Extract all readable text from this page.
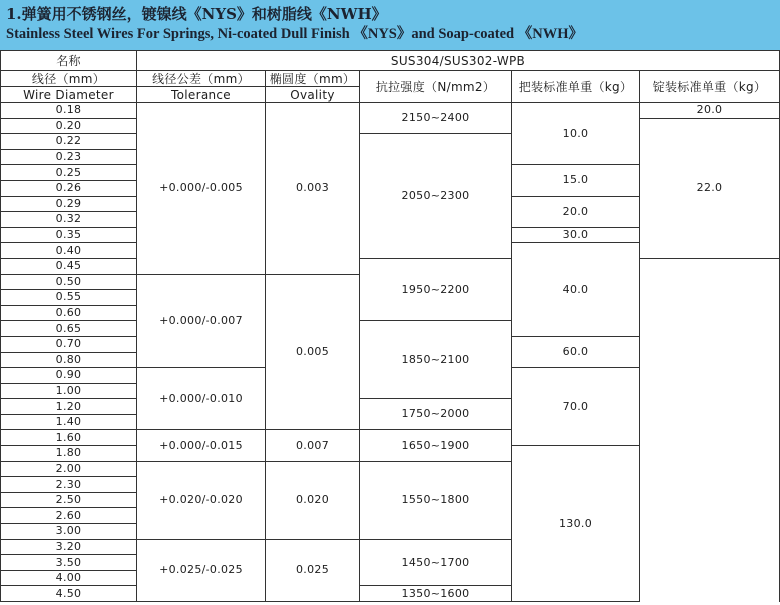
1.弹簧用不锈钢丝，镀镍线《NYS》和树脂线《NWH》
Stainless Steel Wires For Springs, Ni-coated Dull Finish 《NYS》and Soap-coated 《NWH》
名称	SUS304/SUS302-WPB				
线径（mm）	线径公差（mm）	椭圆度（mm）	抗拉强度（N/mm2）	把装标准单重（kg）	锭装标准单重（kg）
Wire Diameter	Tolerance	Ovality			
0.18	+0.000/-0.005	0.003	2150~2400	10.0	20.0
0.20					22.0
0.22			2050~2300		
0.23					
0.25				15.0	
0.26					
0.29				20.0	
0.32					
0.35				30.0	
0.40				40.0	
0.45			1950~2200		
0.50	+0.000/-0.007	0.005			
0.55					
0.60					
0.65			1850~2100		
0.70				60.0	
0.80					
0.90	+0.000/-0.010			70.0	
1.00					
1.20			1750~2000		
1.40					
1.60	+0.000/-0.015	0.007	1650~1900		
1.80				130.0	
2.00	+0.020/-0.020	0.020	1550~1800		
2.30					
2.50					
2.60					
3.00					
3.20	+0.025/-0.025	0.025	1450~1700		
3.50					
4.00					
4.50			1350~1600		
